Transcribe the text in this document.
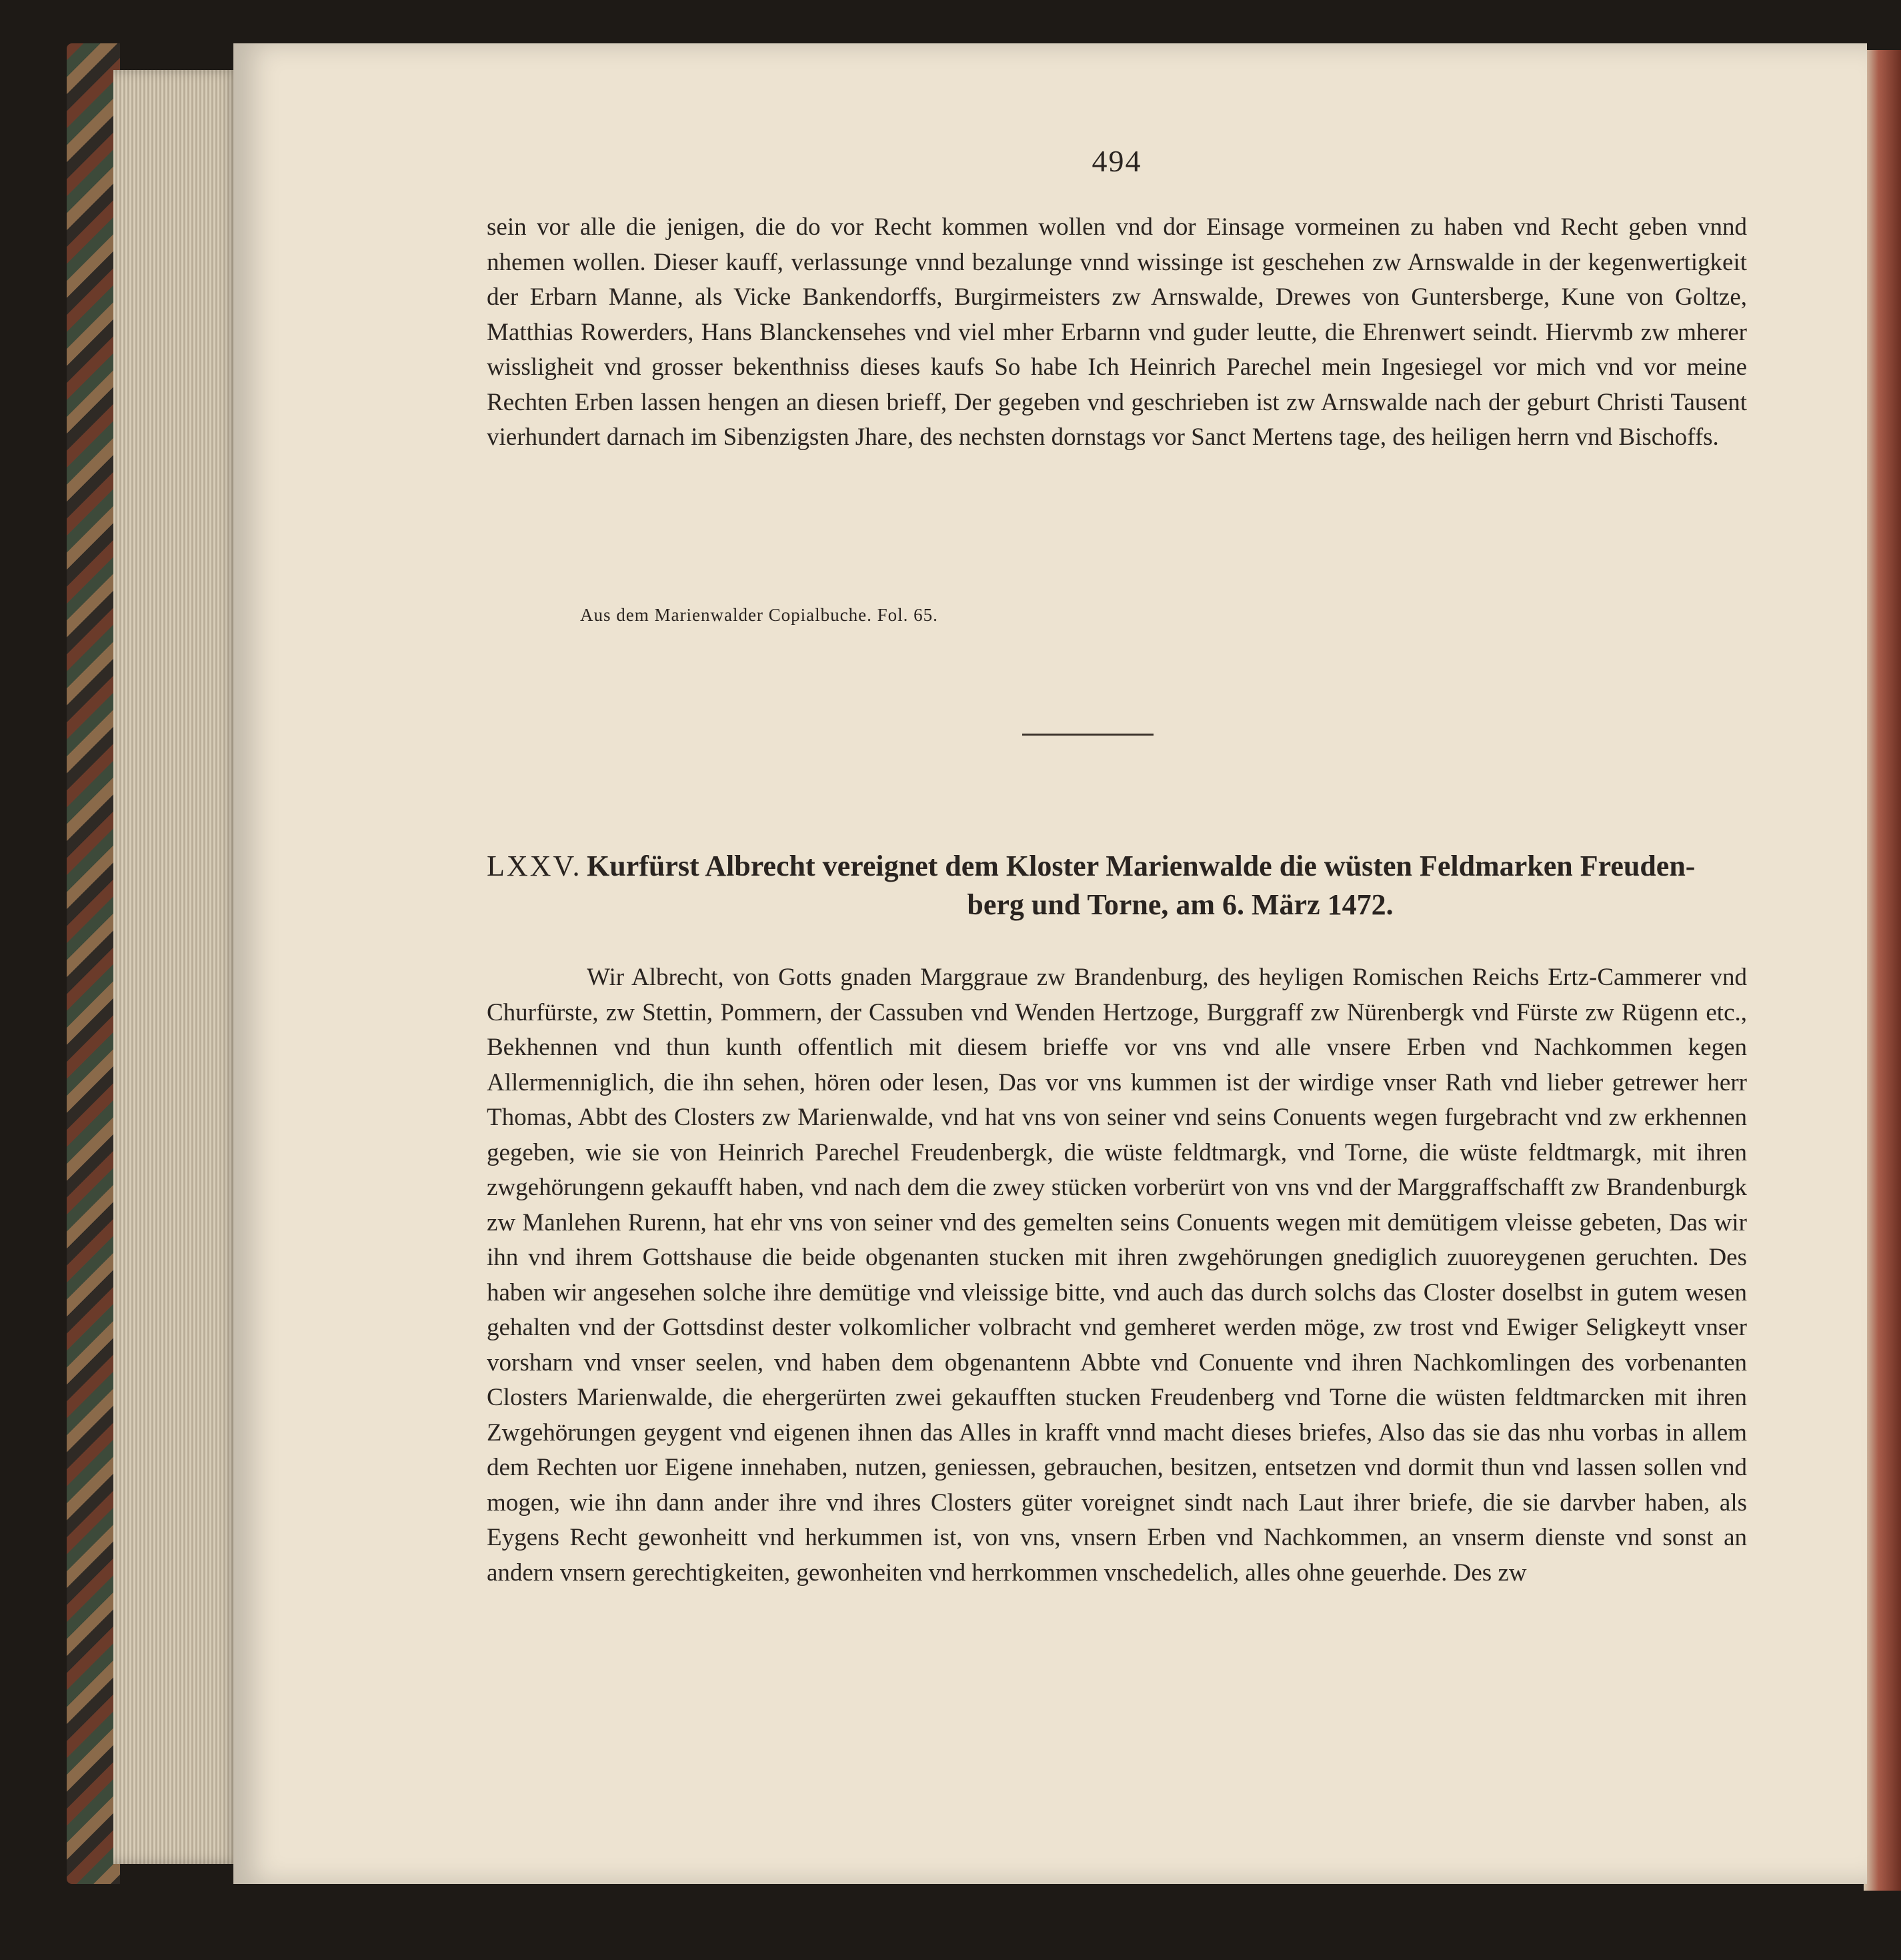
494

sein vor alle die jenigen, die do vor Recht kommen wollen vnd dor Einsage vormeinen zu haben vnd Recht geben vnnd nhemen wollen. Dieser kauff, verlassunge vnnd bezalunge vnnd wissinge ist geschehen zw Arnswalde in der kegenwertigkeit der Erbarn Manne, als Vicke Bankendorffs, Burgirmeisters zw Arnswalde, Drewes von Guntersberge, Kune von Goltze, Matthias Rowerders, Hans Blanckensehes vnd viel mher Erbarnn vnd guder leutte, die Ehrenwert seindt. Hiervmb zw mherer wissligheit vnd grosser bekenthniss dieses kaufs So habe Ich Heinrich Parechel mein Ingesiegel vor mich vnd vor meine Rechten Erben lassen hengen an diesen brieff, Der gegeben vnd geschrieben ist zw Arnswalde nach der geburt Christi Tausent vierhundert darnach im Sibenzigsten Jhare, des nechsten dornstags vor Sanct Mertens tage, des heiligen herrn vnd Bischoffs.

Aus dem Marienwalder Copialbuche. Fol. 65.
LXXV. Kurfürst Albrecht vereignet dem Kloster Marienwalde die wüsten Feldmarken Freuden-
berg und Torne, am 6. März 1472.

Wir Albrecht, von Gotts gnaden Marggraue zw Brandenburg, des heyligen Romischen Reichs Ertz-Cammerer vnd Churfürste, zw Stettin, Pommern, der Cassuben vnd Wenden Hertzoge, Burggraff zw Nürenbergk vnd Fürste zw Rügenn etc., Bekhennen vnd thun kunth offentlich mit diesem brieffe vor vns vnd alle vnsere Erben vnd Nachkommen kegen Allermenniglich, die ihn sehen, hören oder lesen, Das vor vns kummen ist der wirdige vnser Rath vnd lieber getrewer herr Thomas, Abbt des Closters zw Marienwalde, vnd hat vns von seiner vnd seins Conuents wegen furgebracht vnd zw erkhennen gegeben, wie sie von Heinrich Parechel Freudenbergk, die wüste feldtmargk, vnd Torne, die wüste feldtmargk, mit ihren zwgehörungenn gekaufft haben, vnd nach dem die zwey stücken vorberürt von vns vnd der Marggraffschafft zw Brandenburgk zw Manlehen Rurenn, hat ehr vns von seiner vnd des gemelten seins Conuents wegen mit demütigem vleisse gebeten, Das wir ihn vnd ihrem Gottshause die beide obgenanten stucken mit ihren zwgehörungen gnediglich zuuoreygenen geruchten. Des haben wir angesehen solche ihre demütige vnd vleissige bitte, vnd auch das durch solchs das Closter doselbst in gutem wesen gehalten vnd der Gottsdinst dester volkomlicher volbracht vnd gemheret werden möge, zw trost vnd Ewiger Seligkeytt vnser vorsharn vnd vnser seelen, vnd haben dem obgenantenn Abbte vnd Conuente vnd ihren Nachkomlingen des vorbenanten Closters Marienwalde, die ehergerürten zwei gekaufften stucken Freudenberg vnd Torne die wüsten feldtmarcken mit ihren Zwgehörungen geygent vnd eigenen ihnen das Alles in krafft vnnd macht dieses briefes, Also das sie das nhu vorbas in allem dem Rechten uor Eigene innehaben, nutzen, geniessen, gebrauchen, besitzen, entsetzen vnd dormit thun vnd lassen sollen vnd mogen, wie ihn dann ander ihre vnd ihres Closters güter voreignet sindt nach Laut ihrer briefe, die sie darvber haben, als Eygens Recht gewonheitt vnd herkummen ist, von vns, vnsern Erben vnd Nachkommen, an vnserm dienste vnd sonst an andern vnsern gerechtigkeiten, gewonheiten vnd herrkommen vnschedelich, alles ohne geuerhde. Des zw
